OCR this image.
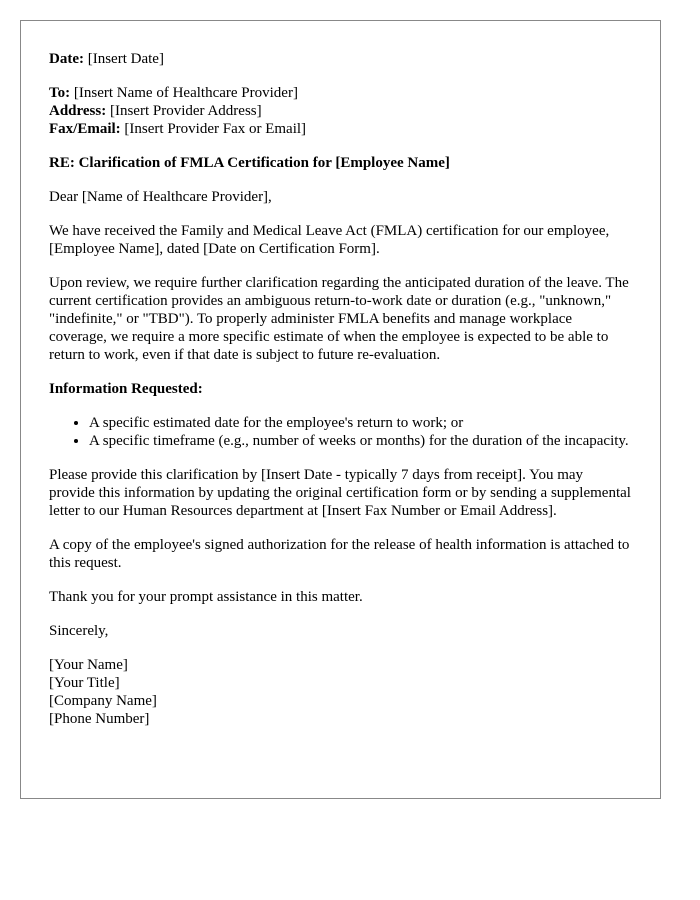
Date: [Insert Date]
To: [Insert Name of Healthcare Provider]
Address: [Insert Provider Address]
Fax/Email: [Insert Provider Fax or Email]

RE: Clarification of FMLA Certification for [Employee Name]

Dear [Name of Healthcare Provider],

We have received the Family and Medical Leave Act (FMLA) certification for our employee, [Employee Name], dated [Date on Certification Form].

Upon review, we require further clarification regarding the anticipated duration of the leave. The current certification provides an ambiguous return-to-work date or duration (e.g., "unknown," "indefinite," or "TBD"). To properly administer FMLA benefits and manage workplace coverage, we require a more specific estimate of when the employee is expected to be able to return to work, even if that date is subject to future re-evaluation.

Information Requested:

• A specific estimated date for the employee's return to work; or
• A specific timeframe (e.g., number of weeks or months) for the duration of the incapacity.

Please provide this clarification by [Insert Date - typically 7 days from receipt]. You may provide this information by updating the original certification form or by sending a supplemental letter to our Human Resources department at [Insert Fax Number or Email Address].

A copy of the employee's signed authorization for the release of health information is attached to this request.

Thank you for your prompt assistance in this matter.

Sincerely,

[Your Name]
[Your Title]
[Company Name]
[Phone Number]
